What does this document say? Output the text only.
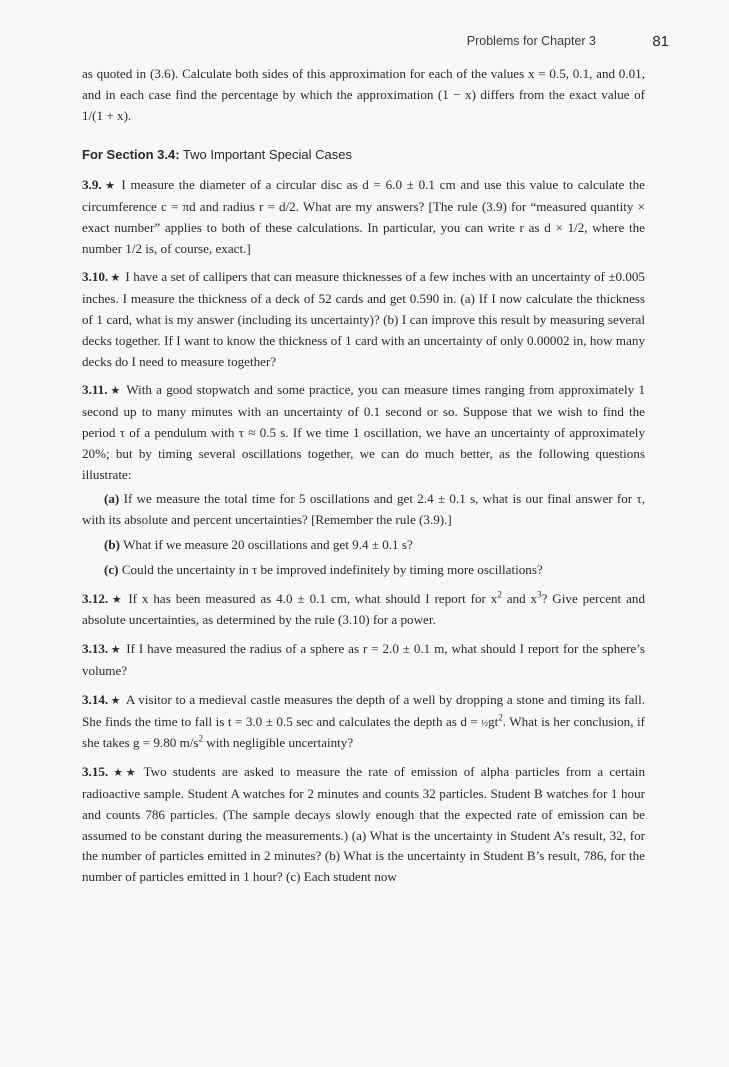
Problems for Chapter 3	81

as quoted in (3.6). Calculate both sides of this approximation for each of the values x = 0.5, 0.1, and 0.01, and in each case find the percentage by which the approximation (1 − x) differs from the exact value of 1/(1 + x).

For Section 3.4: Two Important Special Cases

3.9. ★ I measure the diameter of a circular disc as d = 6.0 ± 0.1 cm and use this value to calculate the circumference c = πd and radius r = d/2. What are my answers? [The rule (3.9) for “measured quantity × exact number” applies to both of these calculations. In particular, you can write r as d × 1/2, where the number 1/2 is, of course, exact.]

3.10. ★ I have a set of callipers that can measure thicknesses of a few inches with an uncertainty of ±0.005 inches. I measure the thickness of a deck of 52 cards and get 0.590 in. (a) If I now calculate the thickness of 1 card, what is my answer (including its uncertainty)? (b) I can improve this result by measuring several decks together. If I want to know the thickness of 1 card with an uncertainty of only 0.00002 in, how many decks do I need to measure together?

3.11. ★ With a good stopwatch and some practice, you can measure times ranging from approximately 1 second up to many minutes with an uncertainty of 0.1 second or so. Suppose that we wish to find the period τ of a pendulum with τ ≈ 0.5 s. If we time 1 oscillation, we have an uncertainty of approximately 20%; but by timing several oscillations together, we can do much better, as the following questions illustrate:

(a) If we measure the total time for 5 oscillations and get 2.4 ± 0.1 s, what is our final answer for τ, with its absolute and percent uncertainties? [Remember the rule (3.9).]

(b) What if we measure 20 oscillations and get 9.4 ± 0.1 s?

(c) Could the uncertainty in τ be improved indefinitely by timing more oscillations?

3.12. ★ If x has been measured as 4.0 ± 0.1 cm, what should I report for $x^2$ and $x^3$? Give percent and absolute uncertainties, as determined by the rule (3.10) for a power.

3.13. ★ If I have measured the radius of a sphere as r = 2.0 ± 0.1 m, what should I report for the sphere’s volume?

3.14. ★ A visitor to a medieval castle measures the depth of a well by dropping a stone and timing its fall. She finds the time to fall is t = 3.0 ± 0.5 sec and calculates the depth as $d = \frac{1}{2}gt^2$. What is her conclusion, if she takes g = 9.80 $m/s^2$ with negligible uncertainty?

3.15. ★★ Two students are asked to measure the rate of emission of alpha particles from a certain radioactive sample. Student A watches for 2 minutes and counts 32 particles. Student B watches for 1 hour and counts 786 particles. (The sample decays slowly enough that the expected rate of emission can be assumed to be constant during the measurements.) (a) What is the uncertainty in Student A’s result, 32, for the number of particles emitted in 2 minutes? (b) What is the uncertainty in Student B’s result, 786, for the number of particles emitted in 1 hour? (c) Each student now
